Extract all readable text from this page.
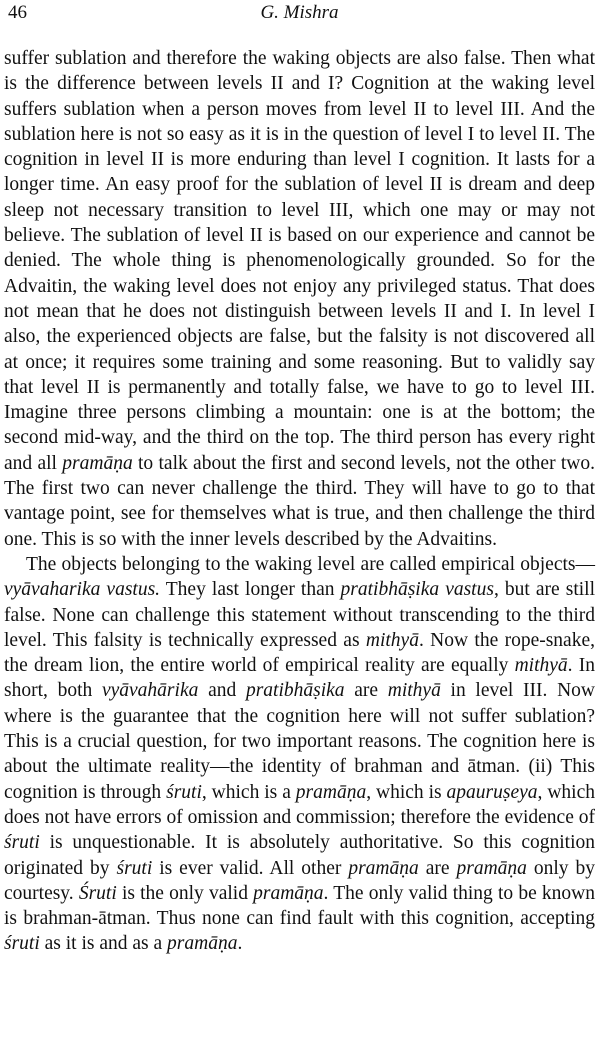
46	G. Mishra

suffer sublation and therefore the waking objects are also false. Then what is the difference between levels II and I? Cognition at the waking level suffers sublation when a person moves from level II to level III. And the sublation here is not so easy as it is in the question of level I to level II. The cognition in level II is more enduring than level I cognition. It lasts for a longer time. An easy proof for the sublation of level II is dream and deep sleep not necessary transition to level III, which one may or may not believe. The sublation of level II is based on our experience and cannot be denied. The whole thing is phenomenologically grounded. So for the Advaitin, the waking level does not enjoy any privileged status. That does not mean that he does not distinguish between levels II and I. In level I also, the experienced objects are false, but the falsity is not discovered all at once; it requires some training and some reasoning. But to validly say that level II is permanently and totally false, we have to go to level III. Imagine three persons climbing a mountain: one is at the bottom; the second mid-way, and the third on the top. The third person has every right and all pramāṇa to talk about the first and second levels, not the other two. The first two can never challenge the third. They will have to go to that vantage point, see for themselves what is true, and then challenge the third one. This is so with the inner levels described by the Advaitins.

The objects belonging to the waking level are called empirical objects—vyāvaharika vastus. They last longer than pratibhāṣika vastus, but are still false. None can challenge this statement without transcending to the third level. This falsity is technically expressed as mithyā. Now the rope-snake, the dream lion, the entire world of empirical reality are equally mithyā. In short, both vyāvahārika and pratibhāṣika are mithyā in level III. Now where is the guarantee that the cognition here will not suffer sublation? This is a crucial question, for two important reasons. The cognition here is about the ultimate reality—the identity of brahman and ātman. (ii) This cognition is through śruti, which is a pramāṇa, which is apauruṣeya, which does not have errors of omission and commission; therefore the evidence of śruti is unquestionable. It is absolutely authoritative. So this cognition originated by śruti is ever valid. All other pramāṇa are pramāṇa only by courtesy. Śruti is the only valid pramāṇa. The only valid thing to be known is brahman-ātman. Thus none can find fault with this cognition, accepting śruti as it is and as a pramāṇa.
